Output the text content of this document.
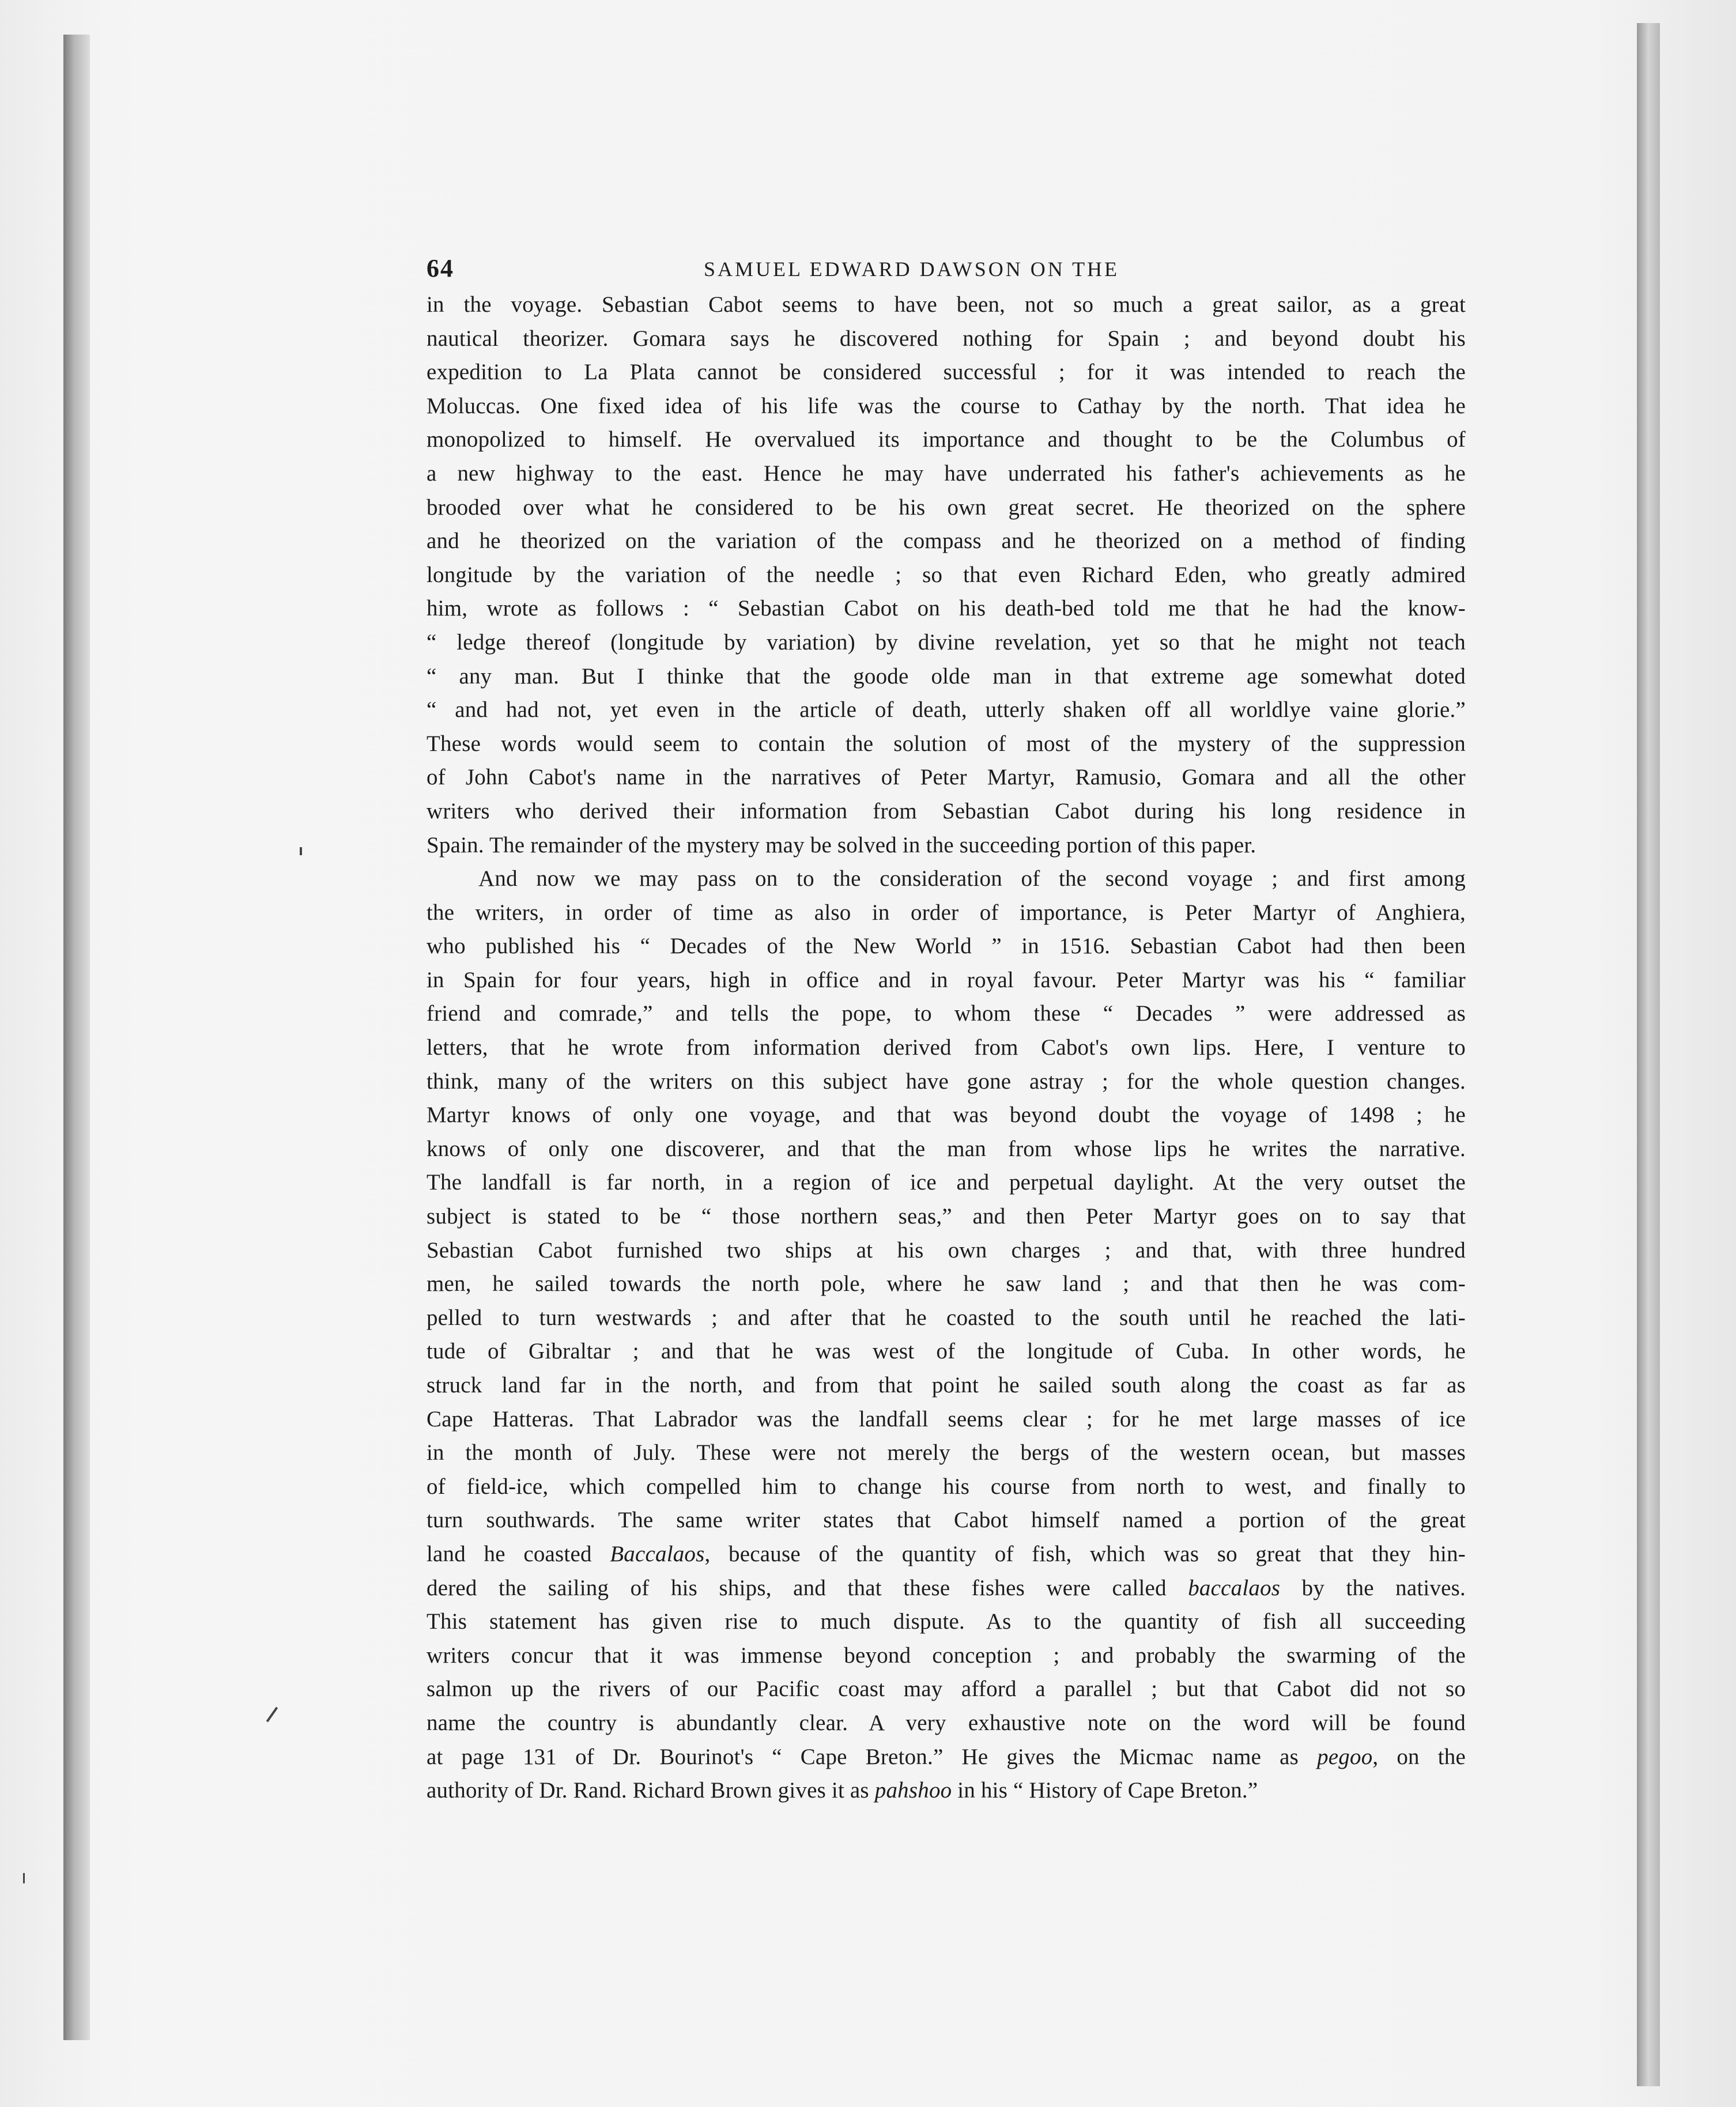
64	SAMUEL EDWARD DAWSON ON THE
in the voyage. Sebastian Cabot seems to have been, not so much a great sailor, as a great
nautical theorizer. Gomara says he discovered nothing for Spain ; and beyond doubt his
expedition to La Plata cannot be considered successful ; for it was intended to reach the
Moluccas. One fixed idea of his life was the course to Cathay by the north. That idea he
monopolized to himself. He overvalued its importance and thought to be the Columbus of
a new highway to the east. Hence he may have underrated his father's achievements as he
brooded over what he considered to be his own great secret. He theorized on the sphere
and he theorized on the variation of the compass and he theorized on a method of finding
longitude by the variation of the needle ; so that even Richard Eden, who greatly admired
him, wrote as follows : “ Sebastian Cabot on his death-bed told me that he had the know-
“ ledge thereof (longitude by variation) by divine revelation, yet so that he might not teach
“ any man. But I thinke that the goode olde man in that extreme age somewhat doted
“ and had not, yet even in the article of death, utterly shaken off all worldlye vaine glorie.”
These words would seem to contain the solution of most of the mystery of the suppression
of John Cabot's name in the narratives of Peter Martyr, Ramusio, Gomara and all the other
writers who derived their information from Sebastian Cabot during his long residence in
Spain. The remainder of the mystery may be solved in the succeeding portion of this paper.
And now we may pass on to the consideration of the second voyage ; and first among
the writers, in order of time as also in order of importance, is Peter Martyr of Anghiera,
who published his “ Decades of the New World ” in 1516. Sebastian Cabot had then been
in Spain for four years, high in office and in royal favour. Peter Martyr was his “ familiar
friend and comrade,” and tells the pope, to whom these “ Decades ” were addressed as
letters, that he wrote from information derived from Cabot's own lips. Here, I venture to
think, many of the writers on this subject have gone astray ; for the whole question changes.
Martyr knows of only one voyage, and that was beyond doubt the voyage of 1498 ; he
knows of only one discoverer, and that the man from whose lips he writes the narrative.
The landfall is far north, in a region of ice and perpetual daylight. At the very outset the
subject is stated to be “ those northern seas,” and then Peter Martyr goes on to say that
Sebastian Cabot furnished two ships at his own charges ; and that, with three hundred
men, he sailed towards the north pole, where he saw land ; and that then he was com-
pelled to turn westwards ; and after that he coasted to the south until he reached the lati-
tude of Gibraltar ; and that he was west of the longitude of Cuba. In other words, he
struck land far in the north, and from that point he sailed south along the coast as far as
Cape Hatteras. That Labrador was the landfall seems clear ; for he met large masses of ice
in the month of July. These were not merely the bergs of the western ocean, but masses
of field-ice, which compelled him to change his course from north to west, and finally to
turn southwards. The same writer states that Cabot himself named a portion of the great
land he coasted Baccalaos, because of the quantity of fish, which was so great that they hin-
dered the sailing of his ships, and that these fishes were called baccalaos by the natives.
This statement has given rise to much dispute. As to the quantity of fish all succeeding
writers concur that it was immense beyond conception ; and probably the swarming of the
salmon up the rivers of our Pacific coast may afford a parallel ; but that Cabot did not so
name the country is abundantly clear. A very exhaustive note on the word will be found
at page 131 of Dr. Bourinot's “ Cape Breton.” He gives the Micmac name as pegoo, on the
authority of Dr. Rand. Richard Brown gives it as pahshoo in his “ History of Cape Breton.”
